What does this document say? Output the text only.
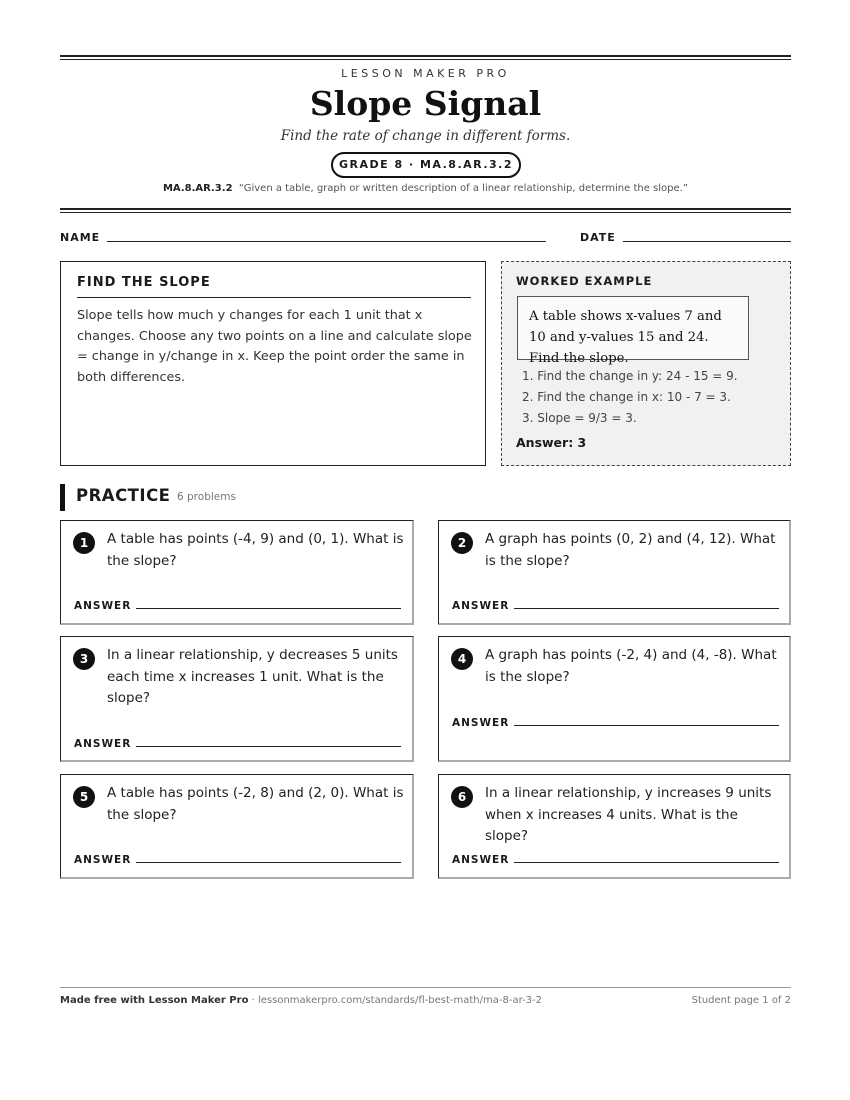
LESSON MAKER PRO
Slope Signal
Find the rate of change in different forms.
GRADE 8 · MA.8.AR.3.2
MA.8.AR.3.2 “Given a table, graph or written description of a linear relationship, determine the slope.”
NAME	DATE
FIND THE SLOPE
Slope tells how much y changes for each 1 unit that x changes. Choose any two points on a line and calculate slope = change in y/change in x. Keep the point order the same in both differences.
WORKED EXAMPLE
A table shows x-values 7 and 10 and y-values 15 and 24. Find the slope.
1. Find the change in y: 24 - 15 = 9.
2. Find the change in x: 10 - 7 = 3.
3. Slope = 9/3 = 3.
Answer: 3
PRACTICE 6 problems
1	A table has points (-4, 9) and (0, 1). What is the slope?
ANSWER
2	A graph has points (0, 2) and (4, 12). What is the slope?
ANSWER
3	In a linear relationship, y decreases 5 units each time x increases 1 unit. What is the slope?
ANSWER
4	A graph has points (-2, 4) and (4, -8). What is the slope?
ANSWER
5	A table has points (-2, 8) and (2, 0). What is the slope?
ANSWER
6	In a linear relationship, y increases 9 units when x increases 4 units. What is the slope?
ANSWER
Made free with Lesson Maker Pro · lessonmakerpro.com/standards/fl-best-math/ma-8-ar-3-2	Student page 1 of 2
